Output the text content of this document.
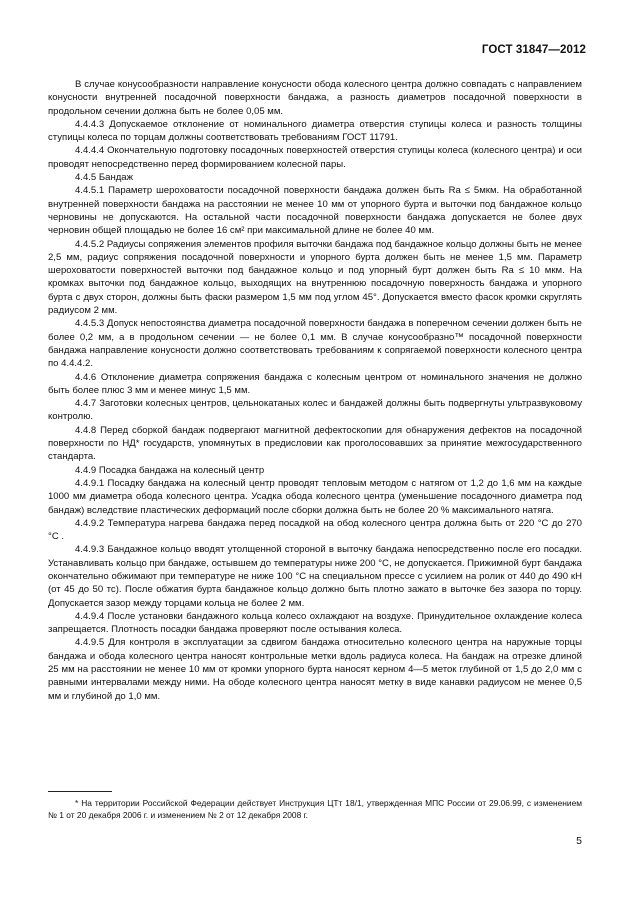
ГОСТ 31847—2012

В случае конусообразности направление конусности обода колесного центра должно совпадать с направлением конусности внутренней посадочной поверхности бандажа, а разность диаметров посадочной поверхности в продольном сечении должна быть не более 0,05 мм.

4.4.4.3 Допускаемое отклонение от номинального диаметра отверстия ступицы колеса и разность толщины ступицы колеса по торцам должны соответствовать требованиям ГОСТ 11791.

4.4.4.4 Окончательную подготовку посадочных поверхностей отверстия ступицы колеса (колесного центра) и оси проводят непосредственно перед формированием колесной пары.

4.4.5 Бандаж

4.4.5.1 Параметр шероховатости посадочной поверхности бандажа должен быть Ra ≤ 5мкм. На обработанной внутренней поверхности бандажа на расстоянии не менее 10 мм от упорного бурта и выточки под бандажное кольцо черновины не допускаются. На остальной части посадочной поверхности бандажа допускается не более двух черновин общей площадью не более 16 см² при максимальной длине не более 40 мм.

4.4.5.2 Радиусы сопряжения элементов профиля выточки бандажа под бандажное кольцо должны быть не менее 2,5 мм, радиус сопряжения посадочной поверхности и упорного бурта должен быть не менее 1,5 мм. Параметр шероховатости поверхностей выточки под бандажное кольцо и под упорный бурт должен быть Ra ≤ 10 мкм. На кромках выточки под бандажное кольцо, выходящих на внутреннюю посадочную поверхность бандажа и упорного бурта с двух сторон, должны быть фаски размером 1,5 мм под углом 45°. Допускается вместо фасок кромки скруглять радиусом 2 мм.

4.4.5.3 Допуск непостоянства диаметра посадочной поверхности бандажа в поперечном сечении должен быть не более 0,2 мм, а в продольном сечении — не более 0,1 мм. В случае конусообразно™ посадочной поверхности бандажа направление конусности должно соответствовать требованиям к сопрягаемой поверхности колесного центра по 4.4.4.2.

4.4.6 Отклонение диаметра сопряжения бандажа с колесным центром от номинального значения не должно быть более плюс 3 мм и менее минус 1,5 мм.

4.4.7 Заготовки колесных центров, цельнокатаных колес и бандажей должны быть подвергнуты ультразвуковому контролю.

4.4.8 Перед сборкой бандаж подвергают магнитной дефектоскопии для обнаружения дефектов на посадочной поверхности по НД* государств, упомянутых в предисловии как проголосовавших за принятие межгосударственного стандарта.

4.4.9 Посадка бандажа на колесный центр

4.4.9.1 Посадку бандажа на колесный центр проводят тепловым методом с натягом от 1,2 до 1,6 мм на каждые 1000 мм диаметра обода колесного центра. Усадка обода колесного центра (уменьшение посадочного диаметра под бандаж) вследствие пластических деформаций после сборки должна быть не более 20 % максимального натяга.

4.4.9.2 Температура нагрева бандажа перед посадкой на обод колесного центра должна быть от 220 °С до 270 °С .

4.4.9.3 Бандажное кольцо вводят утолщенной стороной в выточку бандажа непосредственно после его посадки. Устанавливать кольцо при бандаже, остывшем до температуры ниже 200 °С, не допускается. Прижимной бурт бандажа окончательно обжимают при температуре не ниже 100 °С на специальном прессе с усилием на ролик от 440 до 490 кН (от 45 до 50 тс). После обжатия бурта бандажное кольцо должно быть плотно зажато в выточке без зазора по торцу. Допускается зазор между торцами кольца не более 2 мм.

4.4.9.4 После установки бандажного кольца колесо охлаждают на воздухе. Принудительное охлаждение колеса запрещается. Плотность посадки бандажа проверяют после остывания колеса.

4.4.9.5 Для контроля в эксплуатации за сдвигом бандажа относительно колесного центра на наружные торцы бандажа и обода колесного центра наносят контрольные метки вдоль радиуса колеса. На бандаж на отрезке длиной 25 мм на расстоянии не менее 10 мм от кромки упорного бурта наносят керном 4—5 меток глубиной от 1,5 до 2,0 мм с равными интервалами между ними. На ободе колесного центра наносят метку в виде канавки радиусом не менее 0,5 мм и глубиной до 1,0 мм.

* На территории Российской Федерации действует Инструкция ЦТт 18/1, утвержденная МПС России от 29.06.99, с изменением № 1 от 20 декабря 2006 г. и изменением № 2 от 12 декабря 2008 г.

5
